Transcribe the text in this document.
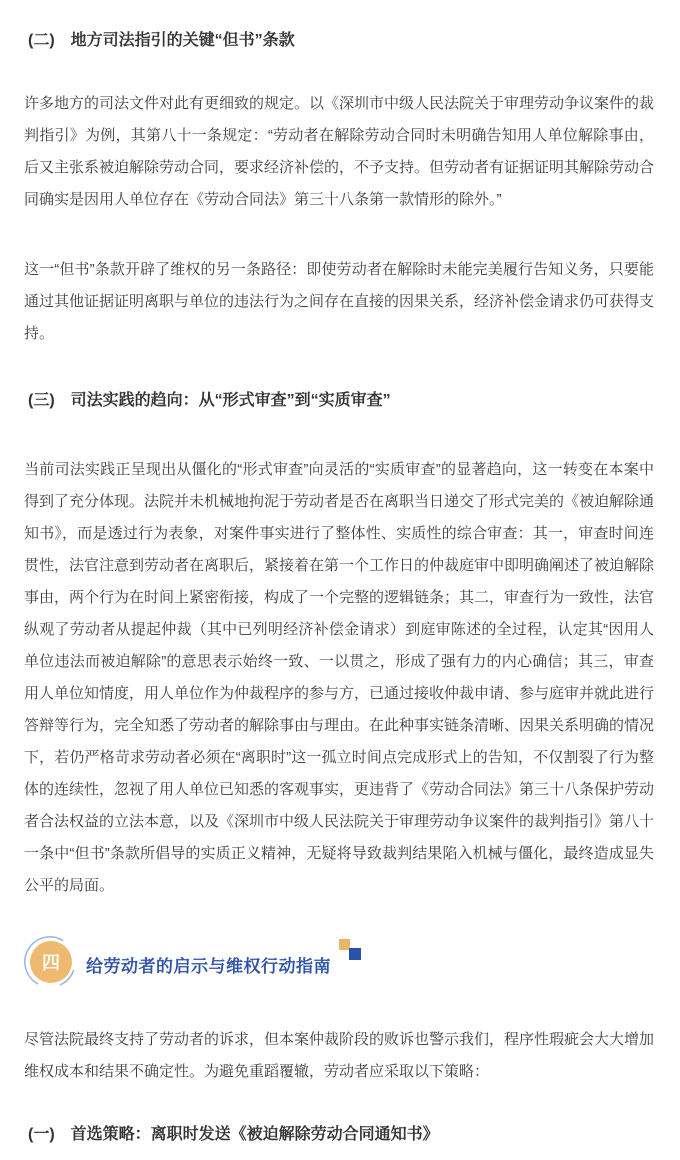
(二)　地方司法指引的关键“但书”条款

许多地方的司法文件对此有更细致的规定。以《深圳市中级人民法院关于审理劳动争议案件的裁判指引》为例，其第八十一条规定：“劳动者在解除劳动合同时未明确告知用人单位解除事由，后又主张系被迫解除劳动合同，要求经济补偿的，不予支持。但劳动者有证据证明其解除劳动合同确实是因用人单位存在《劳动合同法》第三十八条第一款情形的除外。”

这一“但书”条款开辟了维权的另一条路径：即使劳动者在解除时未能完美履行告知义务，只要能通过其他证据证明离职与单位的违法行为之间存在直接的因果关系，经济补偿金请求仍可获得支持。

(三)　司法实践的趋向：从“形式审查”到“实质审查”

当前司法实践正呈现出从僵化的“形式审查”向灵活的“实质审查”的显著趋向，这一转变在本案中得到了充分体现。法院并未机械地拘泥于劳动者是否在离职当日递交了形式完美的《被迫解除通知书》，而是透过行为表象，对案件事实进行了整体性、实质性的综合审查：其一，审查时间连贯性，法官注意到劳动者在离职后，紧接着在第一个工作日的仲裁庭审中即明确阐述了被迫解除事由，两个行为在时间上紧密衔接，构成了一个完整的逻辑链条；其二，审查行为一致性，法官纵观了劳动者从提起仲裁（其中已列明经济补偿金请求）到庭审陈述的全过程，认定其“因用人单位违法而被迫解除”的意思表示始终一致、一以贯之，形成了强有力的内心确信；其三，审查用人单位知情度，用人单位作为仲裁程序的参与方，已通过接收仲裁申请、参与庭审并就此进行答辩等行为，完全知悉了劳动者的解除事由与理由。在此种事实链条清晰、因果关系明确的情况下，若仍严格苛求劳动者必须在“离职时”这一孤立时间点完成形式上的告知，不仅割裂了行为整体的连续性，忽视了用人单位已知悉的客观事实，更违背了《劳动合同法》第三十八条保护劳动者合法权益的立法本意，以及《深圳市中级人民法院关于审理劳动争议案件的裁判指引》第八十一条中“但书”条款所倡导的实质正义精神，无疑将导致裁判结果陷入机械与僵化，最终造成显失公平的局面。

四 给劳动者的启示与维权行动指南

尽管法院最终支持了劳动者的诉求，但本案仲裁阶段的败诉也警示我们，程序性瑕疵会大大增加维权成本和结果不确定性。为避免重蹈覆辙，劳动者应采取以下策略：

(一)　首选策略：离职时发送《被迫解除劳动合同通知书》
